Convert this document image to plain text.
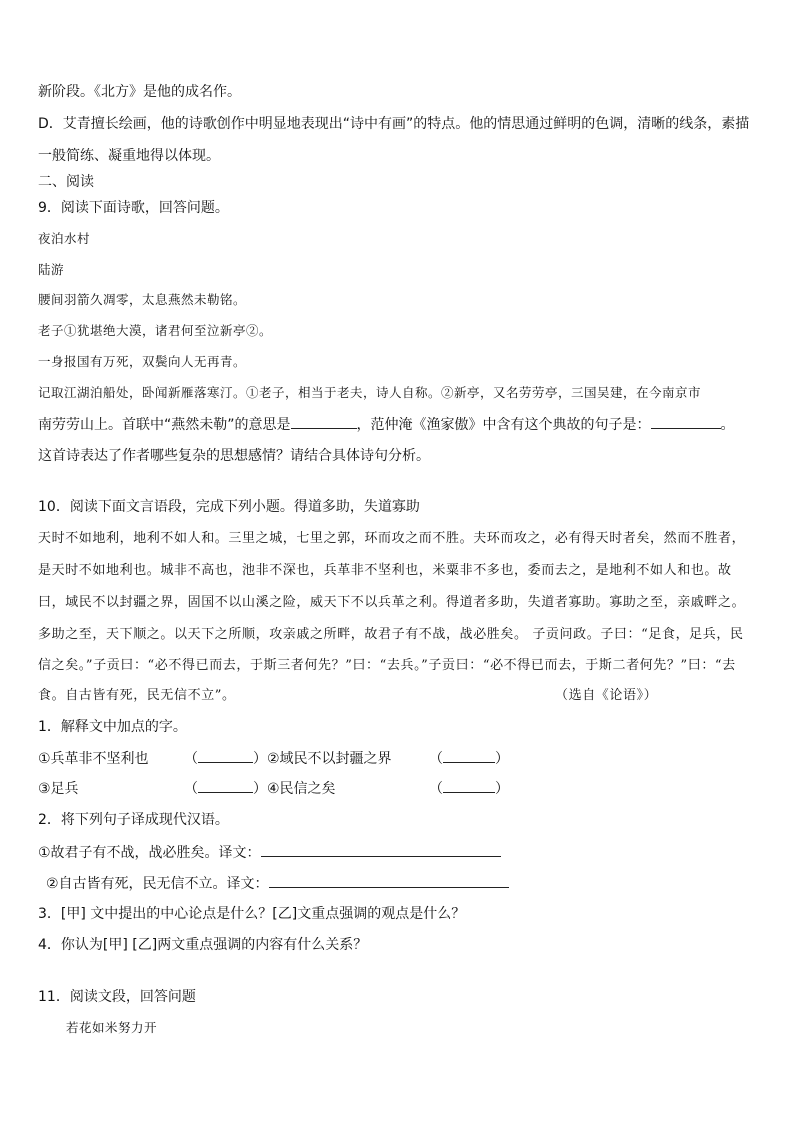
新阶段。《北方》是他的成名作。
D．艾青擅长绘画，他的诗歌创作中明显地表现出“诗中有画”的特点。他的情思通过鲜明的色调，清晰的线条，素描
一般简练、凝重地得以体现。
二、阅读
9．阅读下面诗歌，回答问题。
夜泊水村
陆游
腰间羽箭久凋零，太息燕然未勒铭。
老子①犹堪绝大漠，诸君何至泣新亭②。
一身报国有万死，双鬓向人无再青。
记取江湖泊船处，卧闻新雁落寒汀。①老子，相当于老夫，诗人自称。②新亭，又名劳劳亭，三国吴建，在今南京市
南劳劳山上。首联中“燕然未勒”的意思是	，范仲淹《渔家傲》中含有这个典故的句子是：	。
这首诗表达了作者哪些复杂的思想感情？请结合具体诗句分析。
10．阅读下面文言语段，完成下列小题。得道多助，失道寡助
天时不如地利，地利不如人和。三里之城，七里之郭，环而攻之而不胜。夫环而攻之，必有得天时者矣，然而不胜者，
是天时不如地利也。城非不高也，池非不深也，兵革非不坚利也，米粟非不多也，委而去之，是地利不如人和也。故
曰，域民不以封疆之界，固国不以山溪之险，威天下不以兵革之利。得道者多助，失道者寡助。寡助之至，亲戚畔之。
多助之至，天下顺之。以天下之所顺，攻亲戚之所畔，故君子有不战，战必胜矣。 子贡问政。子曰：“足食，足兵，民
信之矣。”子贡曰：“必不得已而去，于斯三者何先？”曰：“去兵。”子贡曰：“必不得已而去，于斯二者何先？”曰：“去
食。自古皆有死，民无信不立”。	（选自《论语》）
1．解释文中加点的字。
①兵革非不坚利也	（	）②域民不以封疆之界	（	）
③足兵	（	）④民信之矣	（	）
2．将下列句子译成现代汉语。
①故君子有不战，战必胜矣。译文：
②自古皆有死，民无信不立。译文：
3．[甲] 文中提出的中心论点是什么？[乙]文重点强调的观点是什么？
4．你认为[甲] [乙]两文重点强调的内容有什么关系？
11．阅读文段，回答问题
若花如米努力开
